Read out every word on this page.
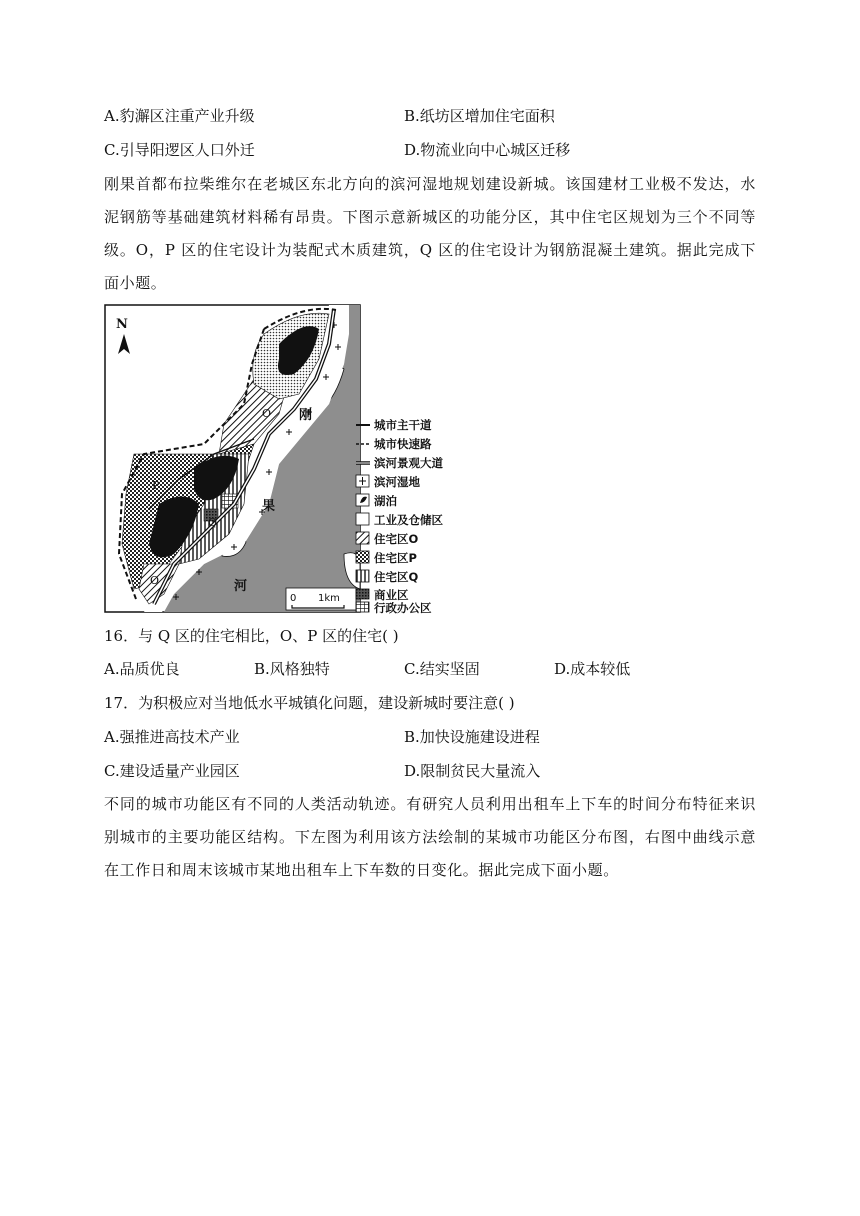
A.豹澥区注重产业升级	B.纸坊区增加住宅面积
C.引导阳逻区人口外迁	D.物流业向中心城区迁移
刚果首都布拉柴维尔在老城区东北方向的滨河湿地规划建设新城。该国建材工业极不发达，水泥钢筋等基础建筑材料稀有昂贵。下图示意新城区的功能分区，其中住宅区规划为三个不同等级。O，P 区的住宅设计为装配式木质建筑，Q 区的住宅设计为钢筋混凝土建筑。据此完成下面小题。
N
刚
果
河
O
P
Q
O
0 1km
城市主干道
城市快速路
滨河景观大道
滨河湿地
湖泊
工业及仓储区
住宅区O
住宅区P
住宅区Q
商业区
行政办公区
16．与 Q 区的住宅相比，O、P 区的住宅( )
A.品质优良	B.风格独特	C.结实坚固	D.成本较低
17．为积极应对当地低水平城镇化问题，建设新城时要注意( )
A.强推进高技术产业	B.加快设施建设进程
C.建设适量产业园区	D.限制贫民大量流入
不同的城市功能区有不同的人类活动轨迹。有研究人员利用出租车上下车的时间分布特征来识别城市的主要功能区结构。下左图为利用该方法绘制的某城市功能区分布图，右图中曲线示意在工作日和周末该城市某地出租车上下车数的日变化。据此完成下面小题。
